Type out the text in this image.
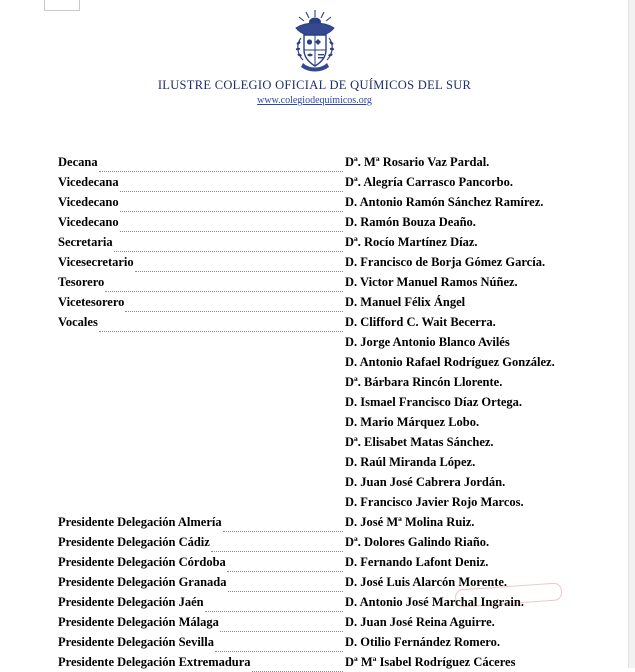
ILUSTRE COLEGIO OFICIAL DE QUÍMICOS DEL SUR
www.colegiodequímicos.org
Decana	Dª. Mª Rosario Vaz Pardal.
Vicedecana	Dª. Alegría Carrasco Pancorbo.
Vicedecano	D. Antonio Ramón Sánchez Ramírez.
Vicedecano	D. Ramón Bouza Deaño.
Secretaria	Dª. Rocío Martínez Díaz.
Vicesecretario	D. Francisco de Borja Gómez García.
Tesorero	D. Victor Manuel Ramos Núñez.
Vicetesorero	D. Manuel Félix Ángel
Vocales	D. Clifford C. Wait Becerra.
D. Jorge Antonio Blanco Avilés
D. Antonio Rafael Rodríguez González.
Dª. Bárbara Rincón Llorente.
D. Ismael Francisco Díaz Ortega.
D. Mario Márquez Lobo.
Dª. Elisabet Matas Sánchez.
D. Raúl Miranda López.
D. Juan José Cabrera Jordán.
D. Francisco Javier Rojo Marcos.
Presidente Delegación Almería	D. José Mª Molina Ruiz.
Presidente Delegación Cádiz	Dª. Dolores Galindo Riaño.
Presidente Delegación Córdoba	D. Fernando Lafont Deniz.
Presidente Delegación Granada	D. José Luis Alarcón Morente.
Presidente Delegación Jaén	D. Antonio José Marchal Ingrain.
Presidente Delegación Málaga	D. Juan José Reina Aguirre.
Presidente Delegación Sevilla	D. Otilio Fernández Romero.
Presidente Delegación Extremadura	Dª Mª Isabel Rodríguez Cáceres
